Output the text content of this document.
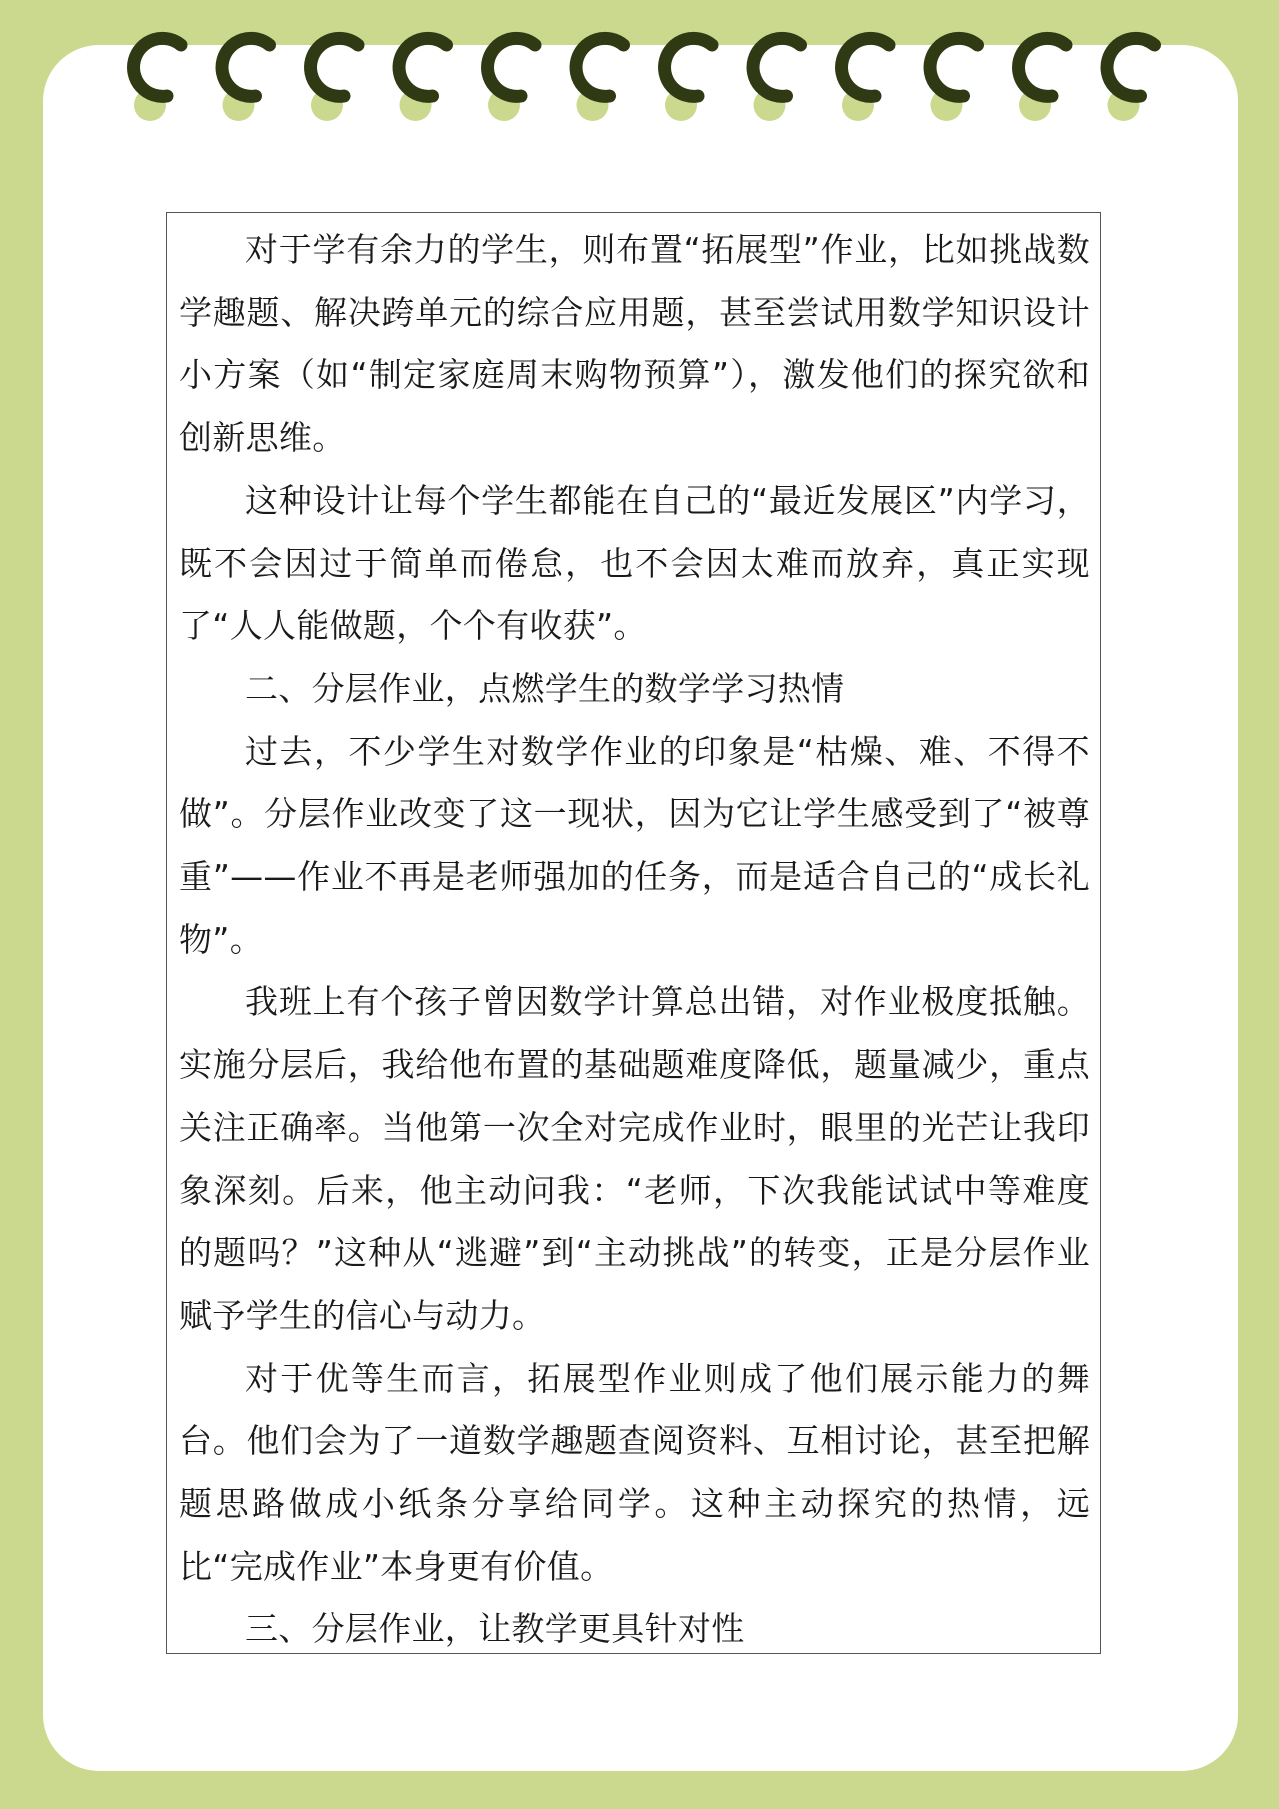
对于学有余力的学生，则布置“拓展型”作业，比如挑战数学趣题、解决跨单元的综合应用题，甚至尝试用数学知识设计小方案（如“制定家庭周末购物预算”），激发他们的探究欲和创新思维。

这种设计让每个学生都能在自己的“最近发展区”内学习，既不会因过于简单而倦怠，也不会因太难而放弃，真正实现了“人人能做题，个个有收获”。

二、分层作业，点燃学生的数学学习热情

过去，不少学生对数学作业的印象是“枯燥、难、不得不做”。分层作业改变了这一现状，因为它让学生感受到了“被尊重”——作业不再是老师强加的任务，而是适合自己的“成长礼物”。

我班上有个孩子曾因数学计算总出错，对作业极度抵触。实施分层后，我给他布置的基础题难度降低，题量减少，重点关注正确率。当他第一次全对完成作业时，眼里的光芒让我印象深刻。后来，他主动问我：“老师，下次我能试试中等难度的题吗？”这种从“逃避”到“主动挑战”的转变，正是分层作业赋予学生的信心与动力。

对于优等生而言，拓展型作业则成了他们展示能力的舞台。他们会为了一道数学趣题查阅资料、互相讨论，甚至把解题思路做成小纸条分享给同学。这种主动探究的热情，远比“完成作业”本身更有价值。

三、分层作业，让教学更具针对性
